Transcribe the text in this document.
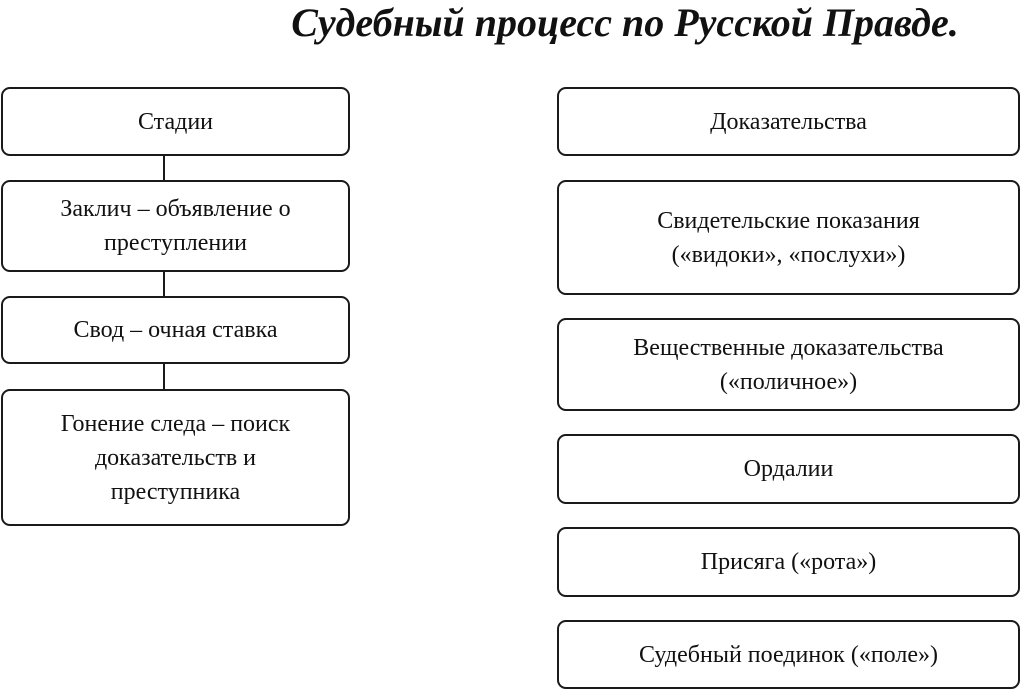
Судебный процесс по Русской Правде.
Стадии
Заклич – объявление о
преступлении
Свод – очная ставка
Гонение следа – поиск
доказательств и
преступника
Доказательства
Свидетельские показания
(«видоки», «послухи»)
Вещественные доказательства
(«поличное»)
Ордалии
Присяга («рота»)
Судебный поединок («поле»)
